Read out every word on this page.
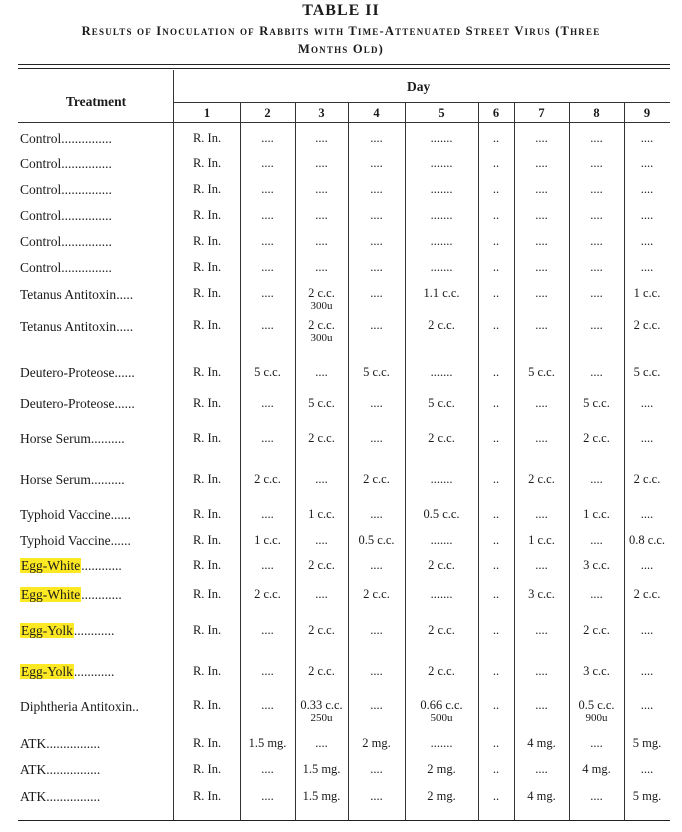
TABLE II
Results of Inoculation of Rabbits with Time-Attenuated Street Virus (Three
Months Old)
Treatment
Day
1	2	3	4	5	6	7	8	9
Control...............	R. In.	....	....	....	.......	..	....	....	....
Control...............	R. In.	....	....	....	.......	..	....	....	....
Control...............	R. In.	....	....	....	.......	..	....	....	....
Control...............	R. In.	....	....	....	.......	..	....	....	....
Control...............	R. In.	....	....	....	.......	..	....	....	....
Control...............	R. In.	....	....	....	.......	..	....	....	....
Tetanus Antitoxin.....	R. In.	....	2 c.c.
300u
....	1.1 c.c.	..	....	....	1 c.c.
Tetanus Antitoxin.....	R. In.	....	2 c.c.
300u
....	2 c.c.	..	....	....	2 c.c.
Deutero-Proteose......	R. In.	5 c.c.	....	5 c.c.	.......	..	5 c.c.	....	5 c.c.
Deutero-Proteose......	R. In.	....	5 c.c.	....	5 c.c.	..	....	5 c.c.	....
Horse Serum..........	R. In.	....	2 c.c.	....	2 c.c.	..	....	2 c.c.	....
Horse Serum..........	R. In.	2 c.c.	....	2 c.c.	.......	..	2 c.c.	....	2 c.c.
Typhoid Vaccine......	R. In.	....	1 c.c.	....	0.5 c.c.	..	....	1 c.c.	....
Typhoid Vaccine......	R. In.	1 c.c.	....	0.5 c.c.	.......	..	1 c.c.	....	0.8 c.c.
Egg-White............	R. In.	....	2 c.c.	....	2 c.c.	..	....	3 c.c.	....
Egg-White............	R. In.	2 c.c.	....	2 c.c.	.......	..	3 c.c.	....	2 c.c.
Egg-Yolk............	R. In.	....	2 c.c.	....	2 c.c.	..	....	2 c.c.	....
Egg-Yolk............	R. In.	....	2 c.c.	....	2 c.c.	..	....	3 c.c.	....
Diphtheria Antitoxin..	R. In.	....	0.33 c.c.
250u
....	0.66 c.c.
500u
..	....	0.5 c.c.
900u
....
ATK................	R. In.	1.5 mg.	....	2 mg.	.......	..	4 mg.	....	5 mg.
ATK................	R. In.	....	1.5 mg.	....	2 mg.	..	....	4 mg.	....
ATK................	R. In.	....	1.5 mg.	....	2 mg.	..	4 mg.	....	5 mg.
